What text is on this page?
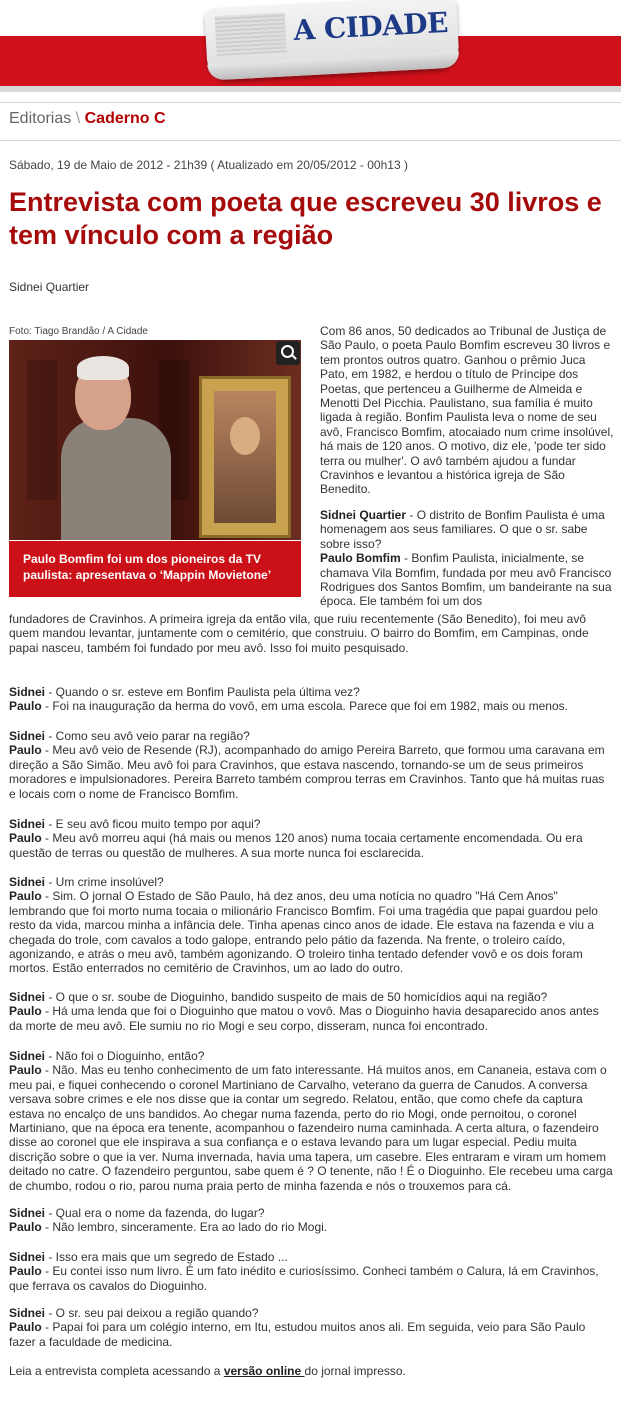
A CIDADE
Editorias \ Caderno C
Sábado, 19 de Maio de 2012 - 21h39 ( Atualizado em 20/05/2012 - 00h13 )
Entrevista com poeta que escreveu 30 livros e tem vínculo com a região
Sidnei Quartier
Foto: Tiago Brandão / A Cidade

Paulo Bomfim foi um dos pioneiros da TV paulista: apresentava o ‘Mappin Movietone’

Com 86 anos, 50 dedicados ao Tribunal de Justiça de São Paulo, o poeta Paulo Bomfim escreveu 30 livros e tem prontos outros quatro. Ganhou o prêmio Juca Pato, em 1982, e herdou o título de Príncipe dos Poetas, que pertenceu a Guilherme de Almeida e Menotti Del Picchia. Paulistano, sua família é muito ligada à região. Bonfim Paulista leva o nome de seu avô, Francisco Bomfim, atocaiado num crime insolúvel, há mais de 120 anos. O motivo, diz ele, 'pode ter sido terra ou mulher'. O avô também ajudou a fundar Cravinhos e levantou a histórica igreja de São Benedito.

Sidnei Quartier - O distrito de Bonfim Paulista é uma homenagem aos seus familiares. O que o sr. sabe sobre isso?

Paulo Bomfim - Bonfim Paulista, inicialmente, se chamava Vila Bomfim, fundada por meu avô Francisco Rodrigues dos Santos Bomfim, um bandeirante na sua época. Ele também foi um dos

fundadores de Cravinhos. A primeira igreja da então vila, que ruiu recentemente (São Benedito), foi meu avô quem mandou levantar, juntamente com o cemitério, que construiu. O bairro do Bomfim, em Campinas, onde papai nasceu, também foi fundado por meu avô. Isso foi muito pesquisado.

Sidnei - Quando o sr. esteve em Bonfim Paulista pela última vez?
Paulo - Foi na inauguração da herma do vovô, em uma escola. Parece que foi em 1982, mais ou menos.
Sidnei - Como seu avô veio parar na região?
Paulo - Meu avô veio de Resende (RJ), acompanhado do amigo Pereira Barreto, que formou uma caravana em direção a São Simão. Meu avô foi para Cravinhos, que estava nascendo, tornando-se um de seus primeiros moradores e impulsionadores. Pereira Barreto também comprou terras em Cravinhos. Tanto que há muitas ruas e locais com o nome de Francisco Bomfim.
Sidnei - E seu avô ficou muito tempo por aqui?
Paulo - Meu avô morreu aqui (há mais ou menos 120 anos) numa tocaia certamente encomendada. Ou era questão de terras ou questão de mulheres. A sua morte nunca foi esclarecida.
Sidnei - Um crime insolúvel?
Paulo - Sim. O jornal O Estado de São Paulo, há dez anos, deu uma notícia no quadro "Há Cem Anos" lembrando que foi morto numa tocaia o milionário Francisco Bomfim. Foi uma tragédia que papai guardou pelo resto da vida, marcou minha a infância dele. Tinha apenas cinco anos de idade. Ele estava na fazenda e viu a chegada do trole, com cavalos a todo galope, entrando pelo pátio da fazenda. Na frente, o troleiro caído, agonizando, e atrás o meu avô, também agonizando. O troleiro tinha tentado defender vovô e os dois foram mortos. Estão enterrados no cemitério de Cravinhos, um ao lado do outro.
Sidnei - O que o sr. soube de Dioguinho, bandido suspeito de mais de 50 homicídios aqui na região?
Paulo - Há uma lenda que foi o Dioguinho que matou o vovô. Mas o Dioguinho havia desaparecido anos antes da morte de meu avô. Ele sumiu no rio Mogi e seu corpo, disseram, nunca foi encontrado.
Sidnei - Não foi o Dioguinho, então?
Paulo - Não. Mas eu tenho conhecimento de um fato interessante. Há muitos anos, em Cananeia, estava com o meu pai, e fiquei conhecendo o coronel Martiniano de Carvalho, veterano da guerra de Canudos. A conversa versava sobre crimes e ele nos disse que ia contar um segredo. Relatou, então, que como chefe da captura estava no encalço de uns bandidos. Ao chegar numa fazenda, perto do rio Mogi, onde pernoitou, o coronel Martiniano, que na época era tenente, acompanhou o fazendeiro numa caminhada. A certa altura, o fazendeiro disse ao coronel que ele inspirava a sua confiança e o estava levando para um lugar especial. Pediu muita discrição sobre o que ia ver. Numa invernada, havia uma tapera, um casebre. Eles entraram e viram um homem deitado no catre. O fazendeiro perguntou, sabe quem é ? O tenente, não ! É o Dioguinho. Ele recebeu uma carga de chumbo, rodou o rio, parou numa praia perto de minha fazenda e nós o trouxemos para cá.
Sidnei - Qual era o nome da fazenda, do lugar?
Paulo - Não lembro, sinceramente. Era ao lado do rio Mogi.
Sidnei - Isso era mais que um segredo de Estado ...
Paulo - Eu contei isso num livro. É um fato inédito e curiosíssimo. Conheci também o Calura, lá em Cravinhos, que ferrava os cavalos do Dioguinho.
Sidnei - O sr. seu pai deixou a região quando?
Paulo - Papai foi para um colégio interno, em Itu, estudou muitos anos ali. Em seguida, veio para São Paulo fazer a faculdade de medicina.
Leia a entrevista completa acessando a versão online do jornal impresso.
